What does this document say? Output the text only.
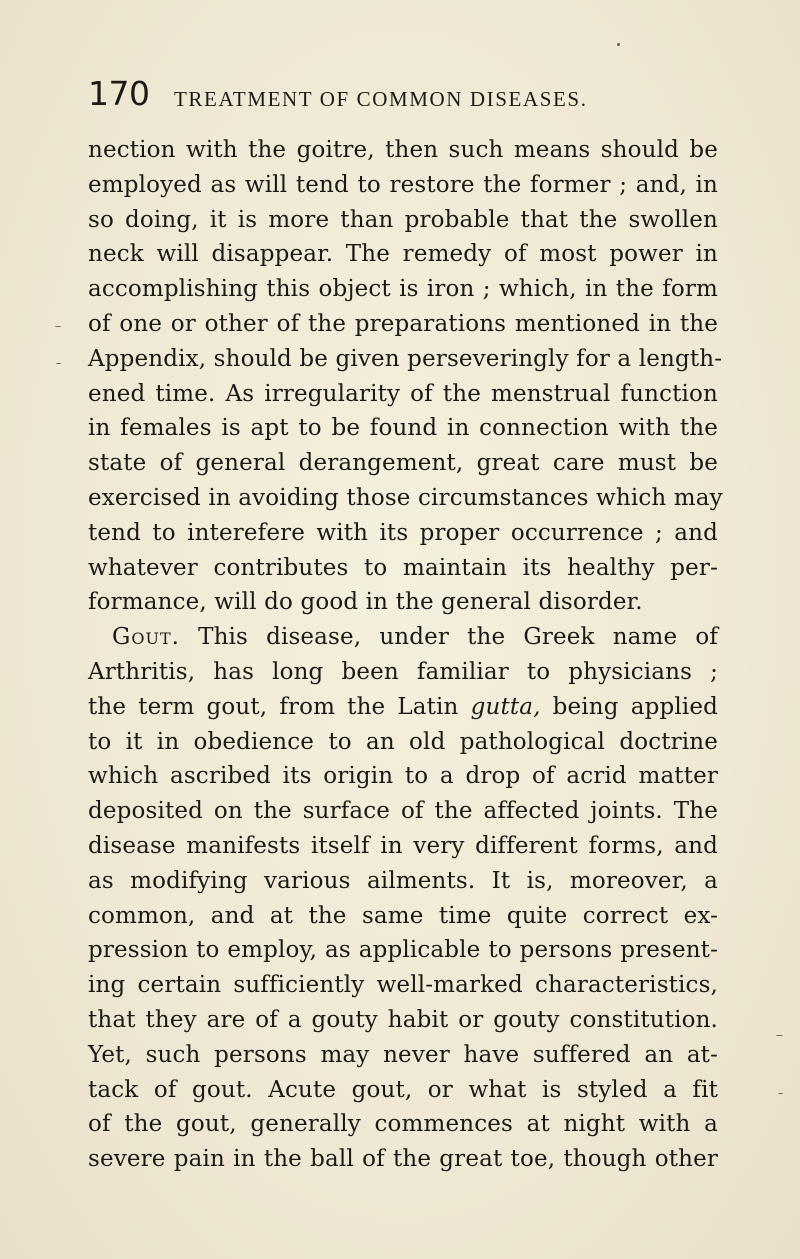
170 TREATMENT OF COMMON DISEASES.
nection with the goitre, then such means should be
employed as will tend to restore the former ; and, in
so doing, it is more than probable that the swollen
neck will disappear. The remedy of most power in
accomplishing this object is iron ; which, in the form
of one or other of the preparations mentioned in the
Appendix, should be given perseveringly for a length-
ened time. As irregularity of the menstrual function
in females is apt to be found in connection with the
state of general derangement, great care must be
exercised in avoiding those circumstances which may
tend to interefere with its proper occurrence ; and
whatever contributes to maintain its healthy per-
formance, will do good in the general disorder.
Gout. This disease, under the Greek name of
Arthritis, has long been familiar to physicians ;
the term gout, from the Latin gutta, being applied
to it in obedience to an old pathological doctrine
which ascribed its origin to a drop of acrid matter
deposited on the surface of the affected joints. The
disease manifests itself in very different forms, and
as modifying various ailments. It is, moreover, a
common, and at the same time quite correct ex-
pression to employ, as applicable to persons present-
ing certain sufficiently well-marked characteristics,
that they are of a gouty habit or gouty constitution.
Yet, such persons may never have suffered an at-
tack of gout. Acute gout, or what is styled a fit
of the gout, generally commences at night with a
severe pain in the ball of the great toe, though other
